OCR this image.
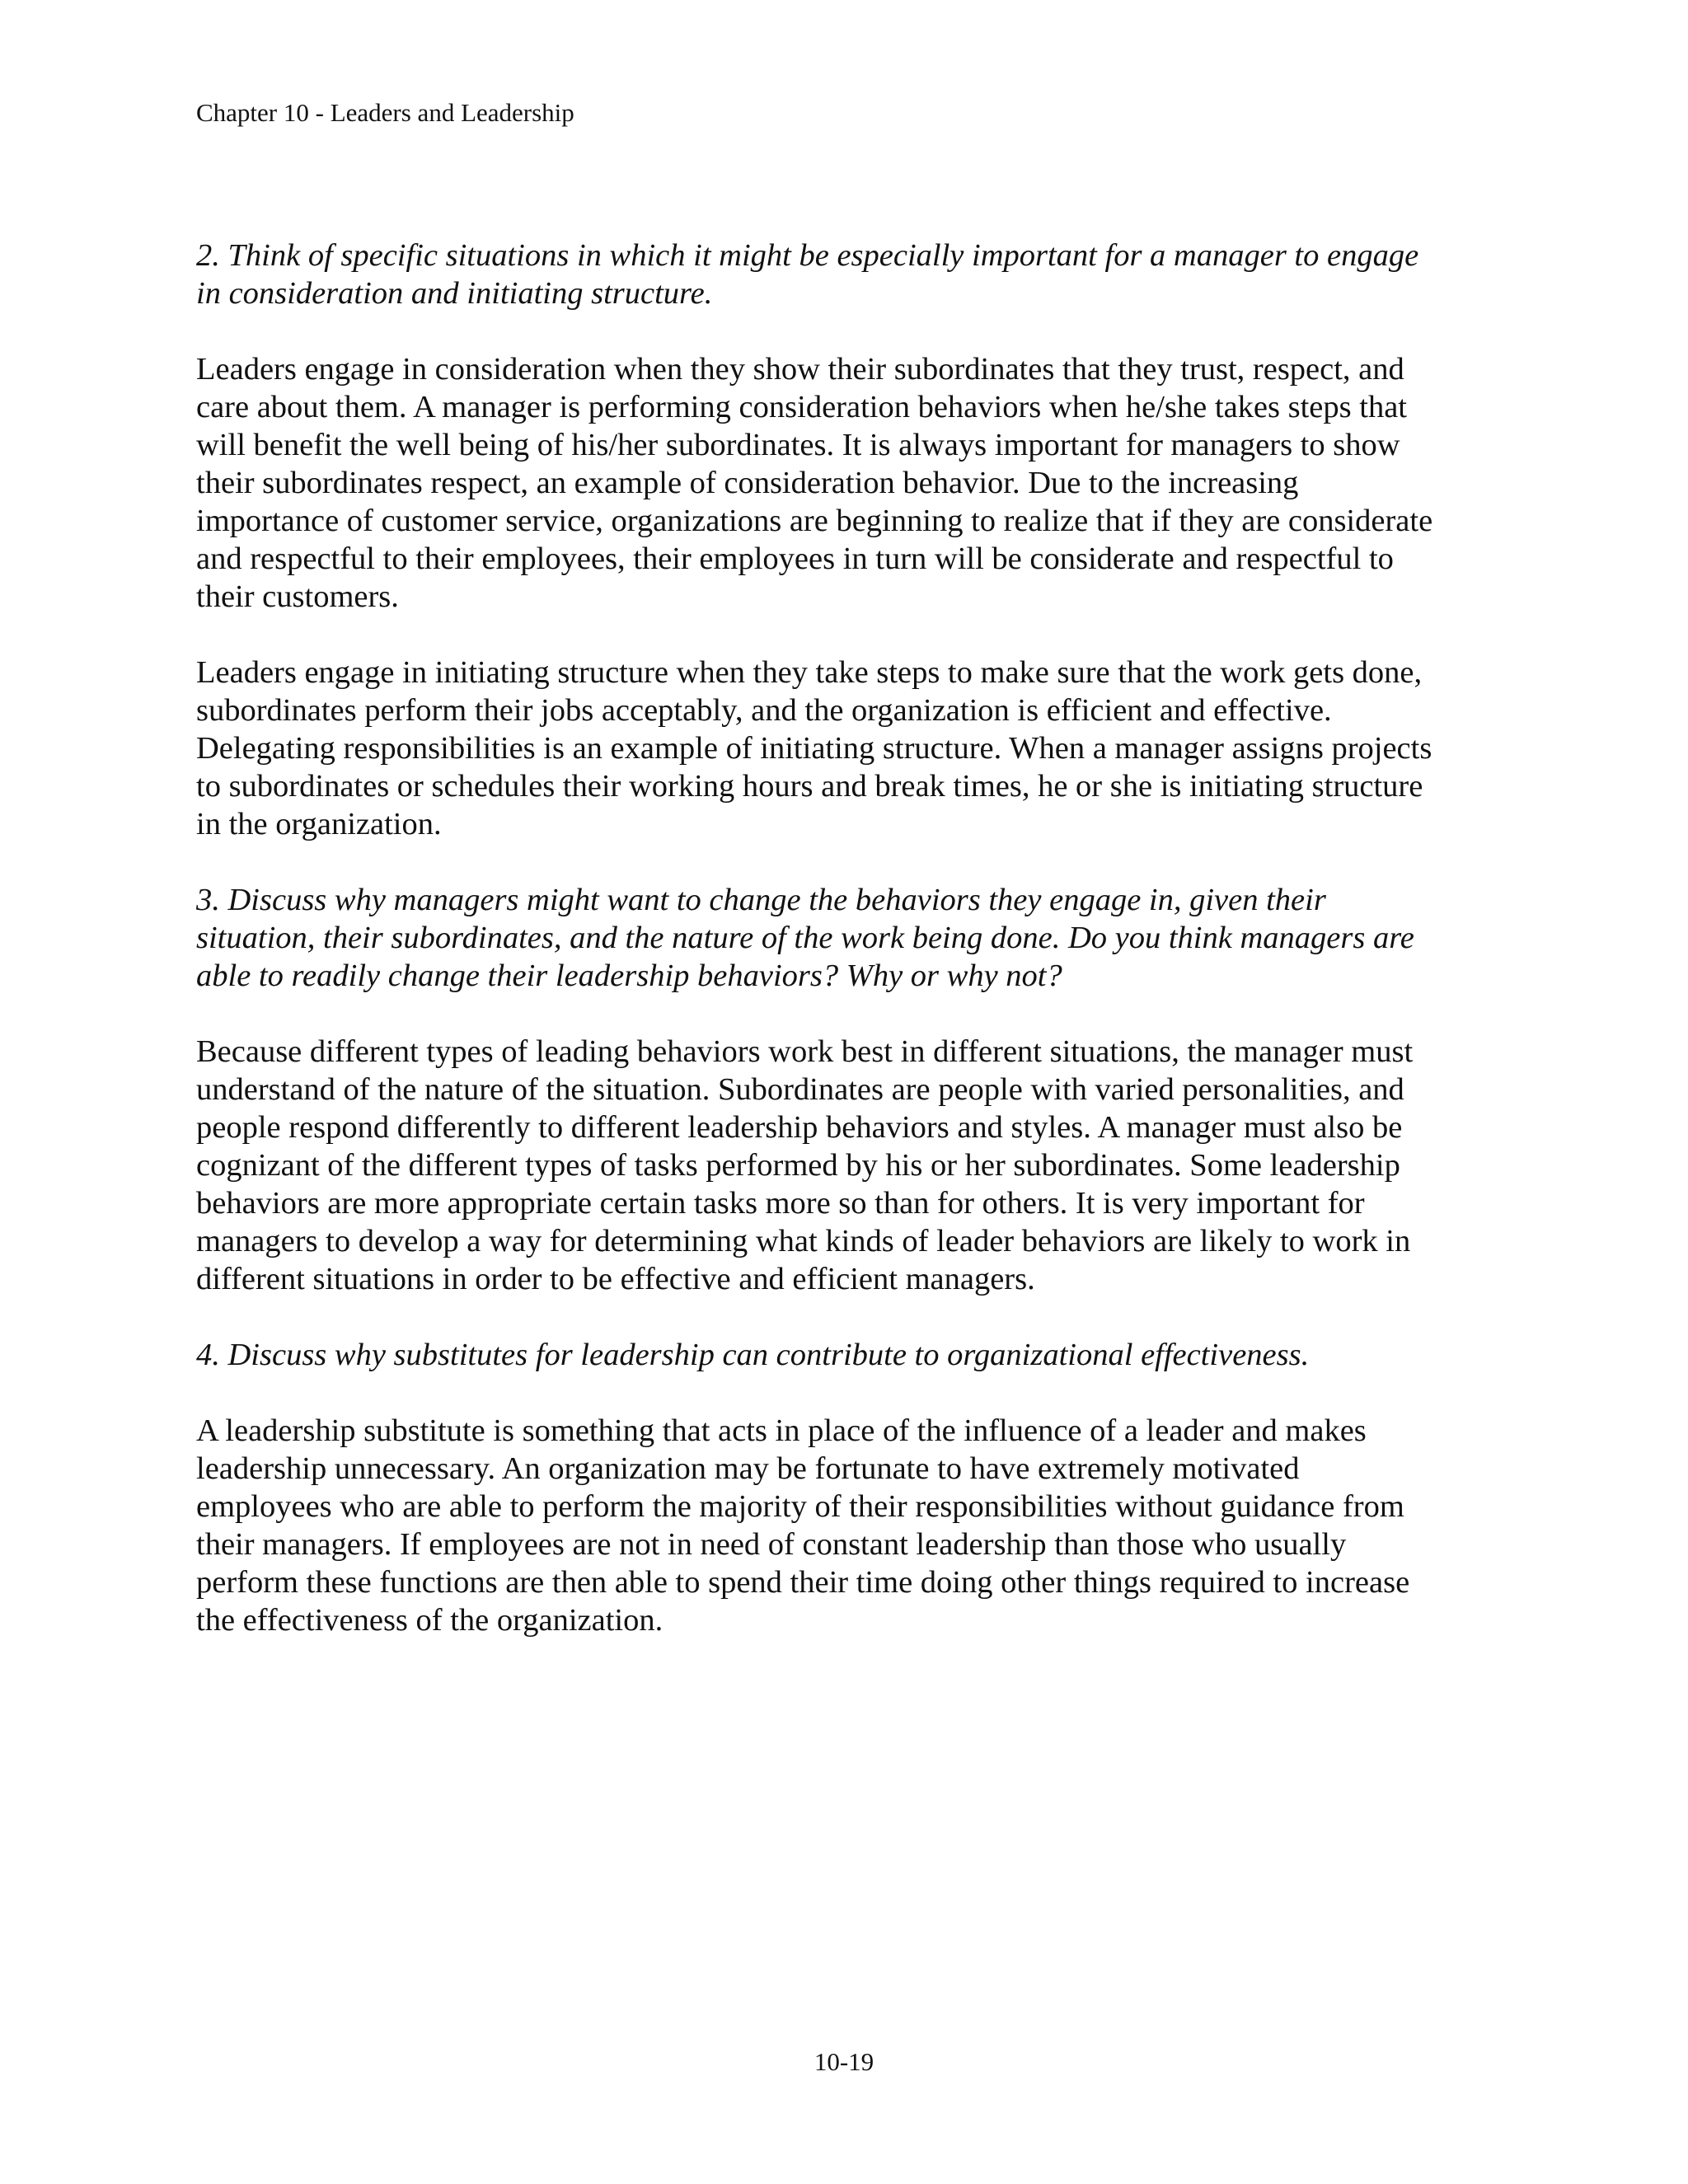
Chapter 10 - Leaders and Leadership

2. Think of specific situations in which it might be especially important for a manager to engage
in consideration and initiating structure.

Leaders engage in consideration when they show their subordinates that they trust, respect, and
care about them. A manager is performing consideration behaviors when he/she takes steps that
will benefit the well being of his/her subordinates. It is always important for managers to show
their subordinates respect, an example of consideration behavior. Due to the increasing
importance of customer service, organizations are beginning to realize that if they are considerate
and respectful to their employees, their employees in turn will be considerate and respectful to
their customers.

Leaders engage in initiating structure when they take steps to make sure that the work gets done,
subordinates perform their jobs acceptably, and the organization is efficient and effective.
Delegating responsibilities is an example of initiating structure. When a manager assigns projects
to subordinates or schedules their working hours and break times, he or she is initiating structure
in the organization.

3. Discuss why managers might want to change the behaviors they engage in, given their
situation, their subordinates, and the nature of the work being done. Do you think managers are
able to readily change their leadership behaviors? Why or why not?

Because different types of leading behaviors work best in different situations, the manager must
understand of the nature of the situation. Subordinates are people with varied personalities, and
people respond differently to different leadership behaviors and styles. A manager must also be
cognizant of the different types of tasks performed by his or her subordinates. Some leadership
behaviors are more appropriate certain tasks more so than for others. It is very important for
managers to develop a way for determining what kinds of leader behaviors are likely to work in
different situations in order to be effective and efficient managers.

4. Discuss why substitutes for leadership can contribute to organizational effectiveness.

A leadership substitute is something that acts in place of the influence of a leader and makes
leadership unnecessary. An organization may be fortunate to have extremely motivated
employees who are able to perform the majority of their responsibilities without guidance from
their managers. If employees are not in need of constant leadership than those who usually
perform these functions are then able to spend their time doing other things required to increase
the effectiveness of the organization.

10-19
